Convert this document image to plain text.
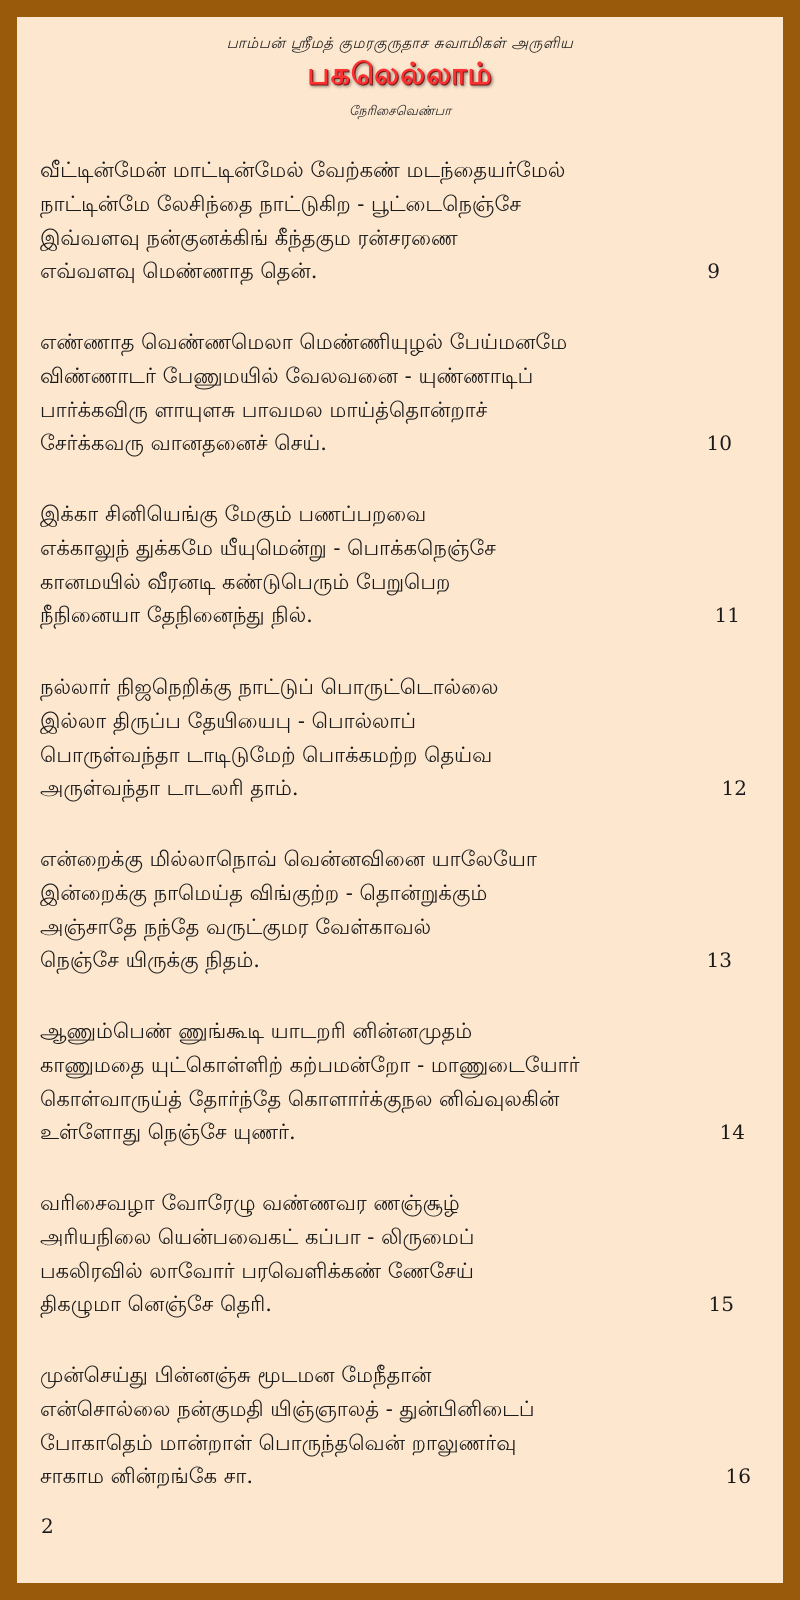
பாம்பன் ஸ்ரீமத் குமரகுருதாச சுவாமிகள் அருளிய
பகலெல்லாம்
நேரிசைவெண்பா
வீட்டின்மேன் மாட்டின்மேல் வேற்கண் மடந்தையர்மேல்
நாட்டின்மே லேசிந்தை நாட்டுகிற - பூட்டைநெஞ்சே
இவ்வளவு நன்குனக்கிங் கீந்தகும ரன்சரணை
எவ்வளவு மெண்ணாத தென்.	9
எண்ணாத வெண்ணமெலா மெண்ணியுழல் பேய்மனமே
விண்ணாடர் பேணுமயில் வேலவனை - யுண்ணாடிப்
பார்க்கவிரு ளாயுளசு பாவமல மாய்த்தொன்றாச்
சேர்க்கவரு வானதனைச் செய்.	10
இக்கா சினியெங்கு மேகும் பணப்பறவை
எக்காலுந் துக்கமே யீயுமென்று - பொக்கநெஞ்சே
கானமயில் வீரனடி கண்டுபெரும் பேறுபெற
நீநினையா தேநினைந்து நில்.	11
நல்லார் நிஜநெறிக்கு நாட்டுப் பொருட்டொல்லை
இல்லா திருப்ப தேயியைபு - பொல்லாப்
பொருள்வந்தா டாடிடுமேற் பொக்கமற்ற தெய்வ
அருள்வந்தா டாடலரி தாம்.	12
என்றைக்கு மில்லாநொவ் வென்னவினை யாலேயோ
இன்றைக்கு நாமெய்த விங்குற்ற - தொன்றுக்கும்
அஞ்சாதே நந்தே வருட்குமர வேள்காவல்
நெஞ்சே யிருக்கு நிதம்.	13
ஆணும்பெண் ணுங்கூடி யாடறரி னின்னமுதம்
காணுமதை யுட்கொள்ளிற் கற்பமன்றோ - மாணுடையோர்
கொள்வாருய்த் தோர்ந்தே கொளார்க்குநல னிவ்வுலகின்
உள்ளோது நெஞ்சே யுணர்.	14
வரிசைவழா வோரேழு வண்ணவர ணஞ்சூழ்
அரியநிலை யென்பவைகட் கப்பா - லிருமைப்
பகலிரவில் லாவோர் பரவெளிக்கண் ணேசேய்
திகழுமா னெஞ்சே தெரி.	15
முன்செய்து பின்னஞ்சு மூடமன மேநீதான்
என்சொல்லை நன்குமதி யிஞ்ஞாலத் - துன்பினிடைப்
போகாதெம் மான்றாள் பொருந்தவென் றாலுணர்வு
சாகாம னின்றங்கே சா.	16
2
